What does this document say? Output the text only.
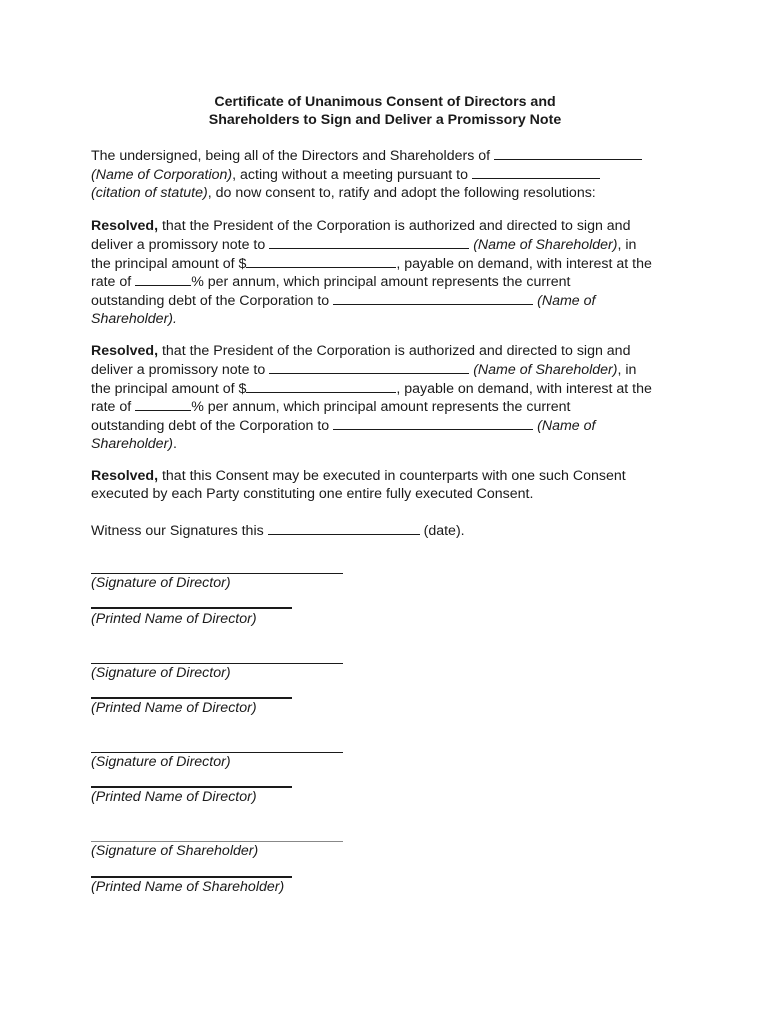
Certificate of Unanimous Consent of Directors and
Shareholders to Sign and Deliver a Promissory Note
The undersigned, being all of the Directors and Shareholders of
(Name of Corporation), acting without a meeting pursuant to
(citation of statute), do now consent to, ratify and adopt the following resolutions:
Resolved, that the President of the Corporation is authorized and directed to sign and
deliver a promissory note to	(Name of Shareholder), in
the principal amount of $	, payable on demand, with interest at the
rate of	% per annum, which principal amount represents the current
outstanding debt of the Corporation to	(Name of
Shareholder).
Resolved, that the President of the Corporation is authorized and directed to sign and
deliver a promissory note to	(Name of Shareholder), in
the principal amount of $	, payable on demand, with interest at the
rate of	% per annum, which principal amount represents the current
outstanding debt of the Corporation to	(Name of
Shareholder).
Resolved, that this Consent may be executed in counterparts with one such Consent
executed by each Party constituting one entire fully executed Consent.
Witness our Signatures this	(date).
(Signature of Director)
(Printed Name of Director)
(Signature of Director)
(Printed Name of Director)
(Signature of Director)
(Printed Name of Director)
(Signature of Shareholder)
(Printed Name of Shareholder)
